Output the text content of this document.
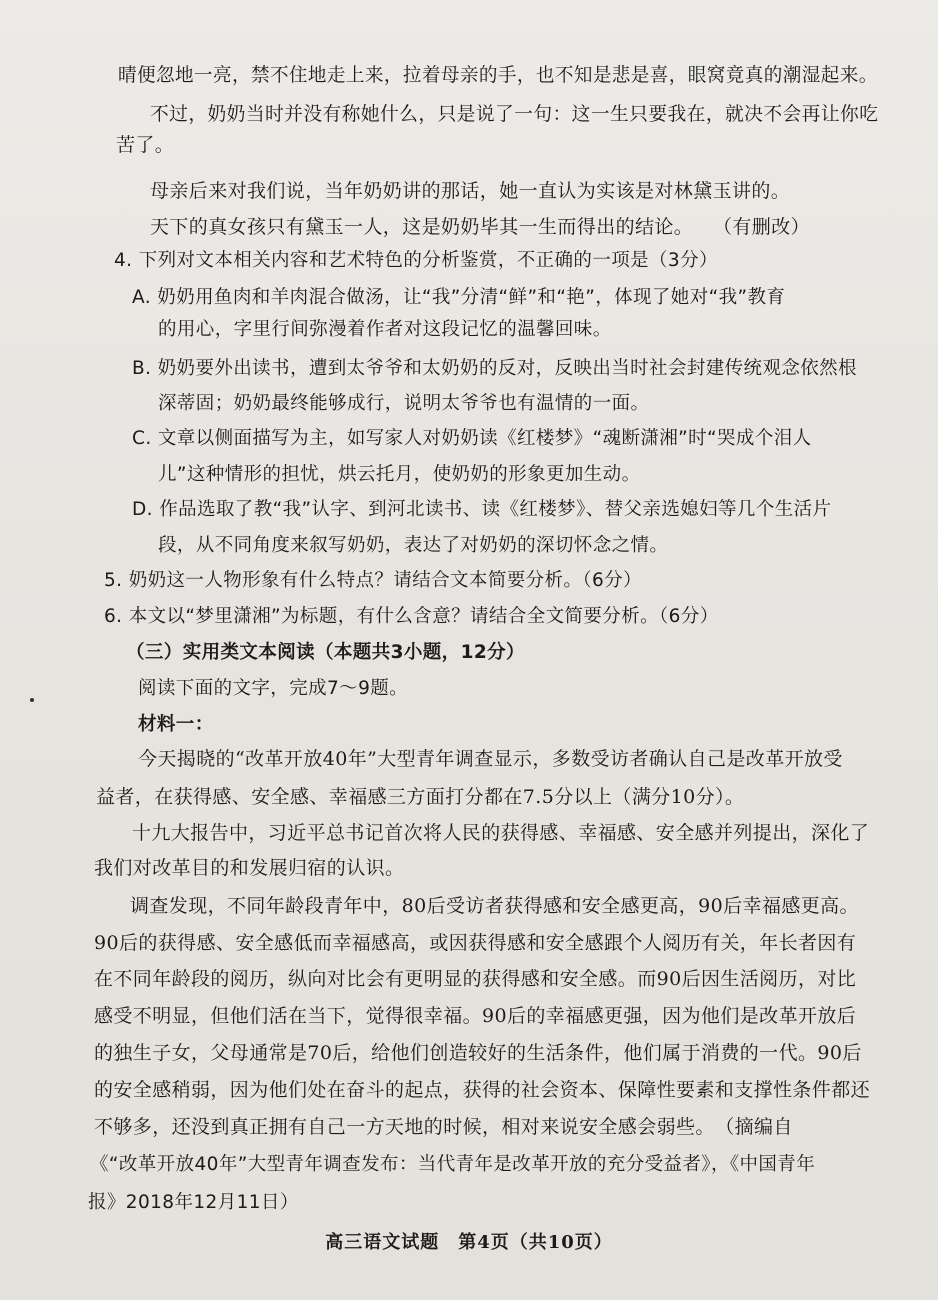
晴便忽地一亮，禁不住地走上来，拉着母亲的手，也不知是悲是喜，眼窝竟真的潮湿起来。
不过，奶奶当时并没有称她什么，只是说了一句：这一生只要我在，就决不会再让你吃
苦了。
母亲后来对我们说，当年奶奶讲的那话，她一直认为实该是对林黛玉讲的。
天下的真女孩只有黛玉一人，这是奶奶毕其一生而得出的结论。　　（有删改）
4. 下列对文本相关内容和艺术特色的分析鉴赏，不正确的一项是（3分）
A. 奶奶用鱼肉和羊肉混合做汤，让“我”分清“鲜”和“艳”，体现了她对“我”教育
的用心，字里行间弥漫着作者对这段记忆的温馨回味。
B. 奶奶要外出读书，遭到太爷爷和太奶奶的反对，反映出当时社会封建传统观念依然根
深蒂固；奶奶最终能够成行，说明太爷爷也有温情的一面。
C. 文章以侧面描写为主，如写家人对奶奶读《红楼梦》“魂断潇湘”时“哭成个泪人
儿”这种情形的担忧，烘云托月，使奶奶的形象更加生动。
D. 作品选取了教“我”认字、到河北读书、读《红楼梦》、替父亲选媳妇等几个生活片
段，从不同角度来叙写奶奶，表达了对奶奶的深切怀念之情。
5. 奶奶这一人物形象有什么特点？请结合文本简要分析。（6分）
6. 本文以“梦里潇湘”为标题，有什么含意？请结合全文简要分析。（6分）
（三）实用类文本阅读（本题共3小题，12分）
阅读下面的文字，完成7～9题。
材料一：
今天揭晓的“改革开放40年”大型青年调查显示，多数受访者确认自己是改革开放受
益者，在获得感、安全感、幸福感三方面打分都在7.5分以上（满分10分）。
十九大报告中，习近平总书记首次将人民的获得感、幸福感、安全感并列提出，深化了
我们对改革目的和发展归宿的认识。
调查发现，不同年龄段青年中，80后受访者获得感和安全感更高，90后幸福感更高。
90后的获得感、安全感低而幸福感高，或因获得感和安全感跟个人阅历有关，年长者因有
在不同年龄段的阅历，纵向对比会有更明显的获得感和安全感。而90后因生活阅历，对比
感受不明显，但他们活在当下，觉得很幸福。90后的幸福感更强，因为他们是改革开放后
的独生子女，父母通常是70后，给他们创造较好的生活条件，他们属于消费的一代。90后
的安全感稍弱，因为他们处在奋斗的起点，获得的社会资本、保障性要素和支撑性条件都还
不够多，还没到真正拥有自己一方天地的时候，相对来说安全感会弱些。　（摘编自
《“改革开放40年”大型青年调查发布：当代青年是改革开放的充分受益者》，《中国青年
报》2018年12月11日）
高三语文试题　第4页（共10页）
